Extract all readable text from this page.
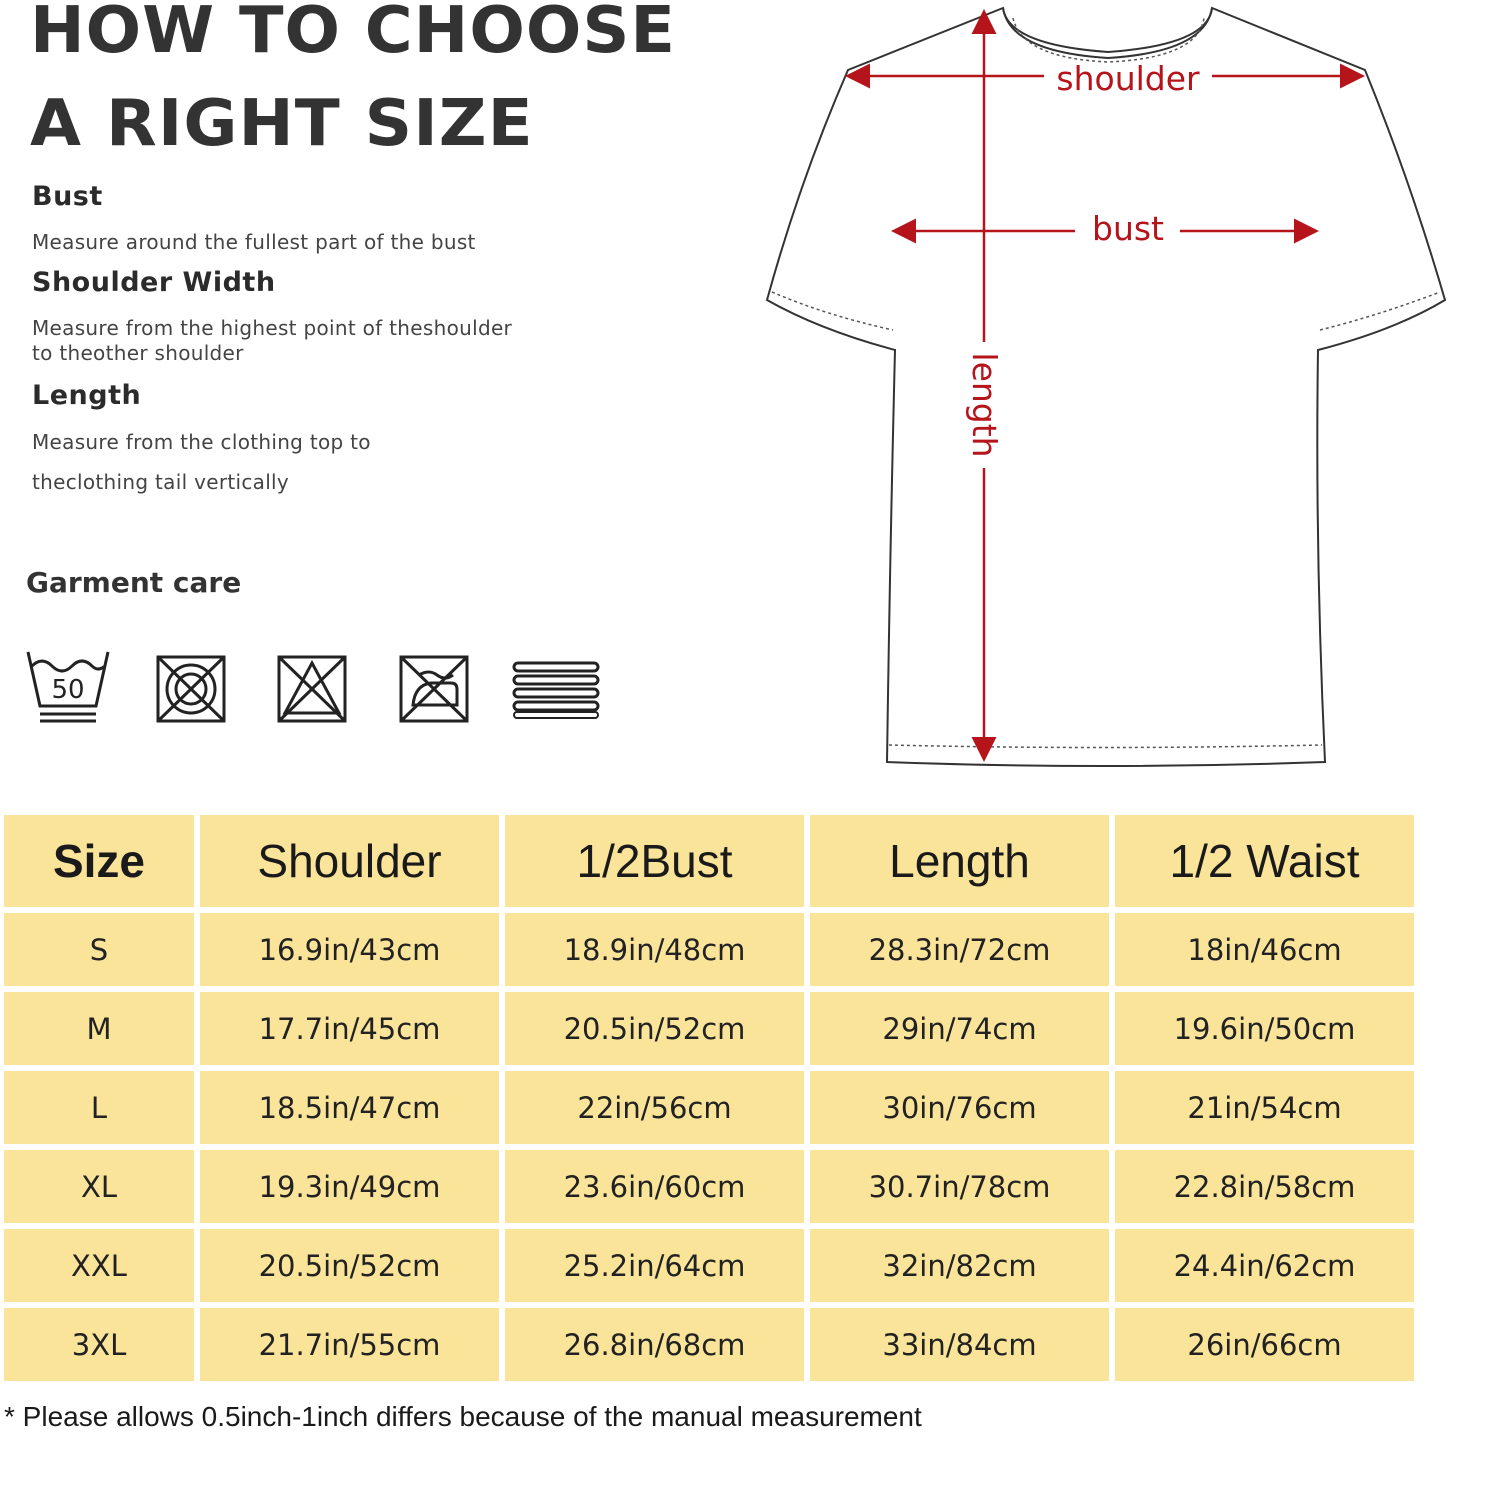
HOW TO CHOOSE
A RIGHT SIZE
Bust

Measure around the fullest part of the bust

Shoulder Width

Measure from the highest point of theshoulder

to theother shoulder

Length

Measure from the clothing top to

theclothing tail vertically

Garment care
50
shoulder
bust
length
Size	Shoulder	1/2Bust	Length	1/2 Waist
S	16.9in/43cm	18.9in/48cm	28.3in/72cm	18in/46cm
M	17.7in/45cm	20.5in/52cm	29in/74cm	19.6in/50cm
L	18.5in/47cm	22in/56cm	30in/76cm	21in/54cm
XL	19.3in/49cm	23.6in/60cm	30.7in/78cm	22.8in/58cm
XXL	20.5in/52cm	25.2in/64cm	32in/82cm	24.4in/62cm
3XL	21.7in/55cm	26.8in/68cm	33in/84cm	26in/66cm

* Please allows 0.5inch-1inch differs because of the manual measurement
